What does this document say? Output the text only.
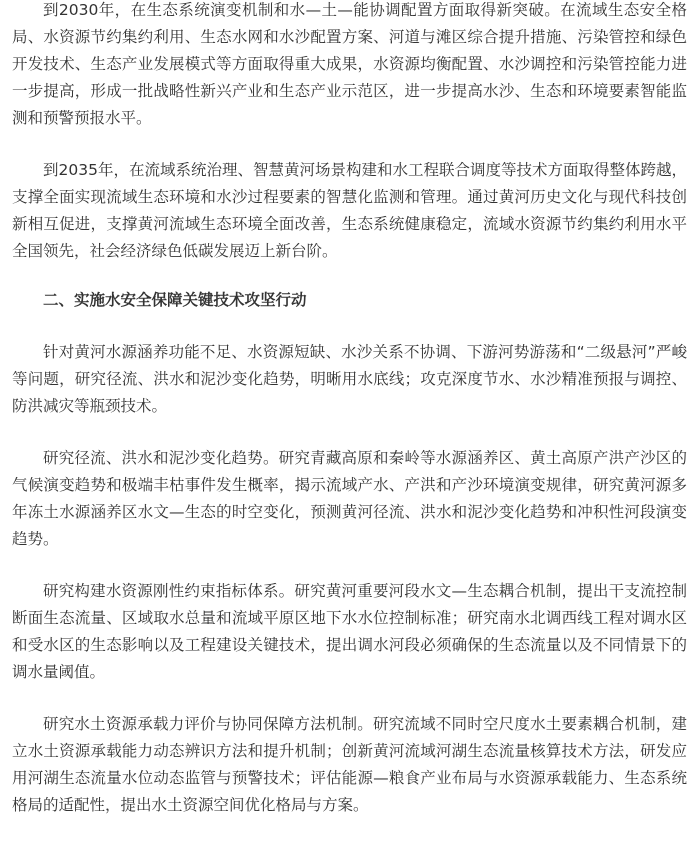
到2030年，在生态系统演变机制和水—土—能协调配置方面取得新突破。在流域生态安全格局、水资源节约集约利用、生态水网和水沙配置方案、河道与滩区综合提升措施、污染管控和绿色开发技术、生态产业发展模式等方面取得重大成果，水资源均衡配置、水沙调控和污染管控能力进一步提高，形成一批战略性新兴产业和生态产业示范区，进一步提高水沙、生态和环境要素智能监测和预警预报水平。

到2035年，在流域系统治理、智慧黄河场景构建和水工程联合调度等技术方面取得整体跨越，支撑全面实现流域生态环境和水沙过程要素的智慧化监测和管理。通过黄河历史文化与现代科技创新相互促进，支撑黄河流域生态环境全面改善，生态系统健康稳定，流域水资源节约集约利用水平全国领先，社会经济绿色低碳发展迈上新台阶。

二、实施水安全保障关键技术攻坚行动

针对黄河水源涵养功能不足、水资源短缺、水沙关系不协调、下游河势游荡和“二级悬河”严峻等问题，研究径流、洪水和泥沙变化趋势，明晰用水底线；攻克深度节水、水沙精准预报与调控、防洪减灾等瓶颈技术。

研究径流、洪水和泥沙变化趋势。研究青藏高原和秦岭等水源涵养区、黄土高原产洪产沙区的气候演变趋势和极端丰枯事件发生概率，揭示流域产水、产洪和产沙环境演变规律，研究黄河源多年冻土水源涵养区水文—生态的时空变化，预测黄河径流、洪水和泥沙变化趋势和冲积性河段演变趋势。

研究构建水资源刚性约束指标体系。研究黄河重要河段水文—生态耦合机制，提出干支流控制断面生态流量、区域取水总量和流域平原区地下水水位控制标准；研究南水北调西线工程对调水区和受水区的生态影响以及工程建设关键技术，提出调水河段必须确保的生态流量以及不同情景下的调水量阈值。

研究水土资源承载力评价与协同保障方法机制。研究流域不同时空尺度水土要素耦合机制，建立水土资源承载能力动态辨识方法和提升机制；创新黄河流域河湖生态流量核算技术方法，研发应用河湖生态流量水位动态监管与预警技术；评估能源—粮食产业布局与水资源承载能力、生态系统格局的适配性，提出水土资源空间优化格局与方案。
